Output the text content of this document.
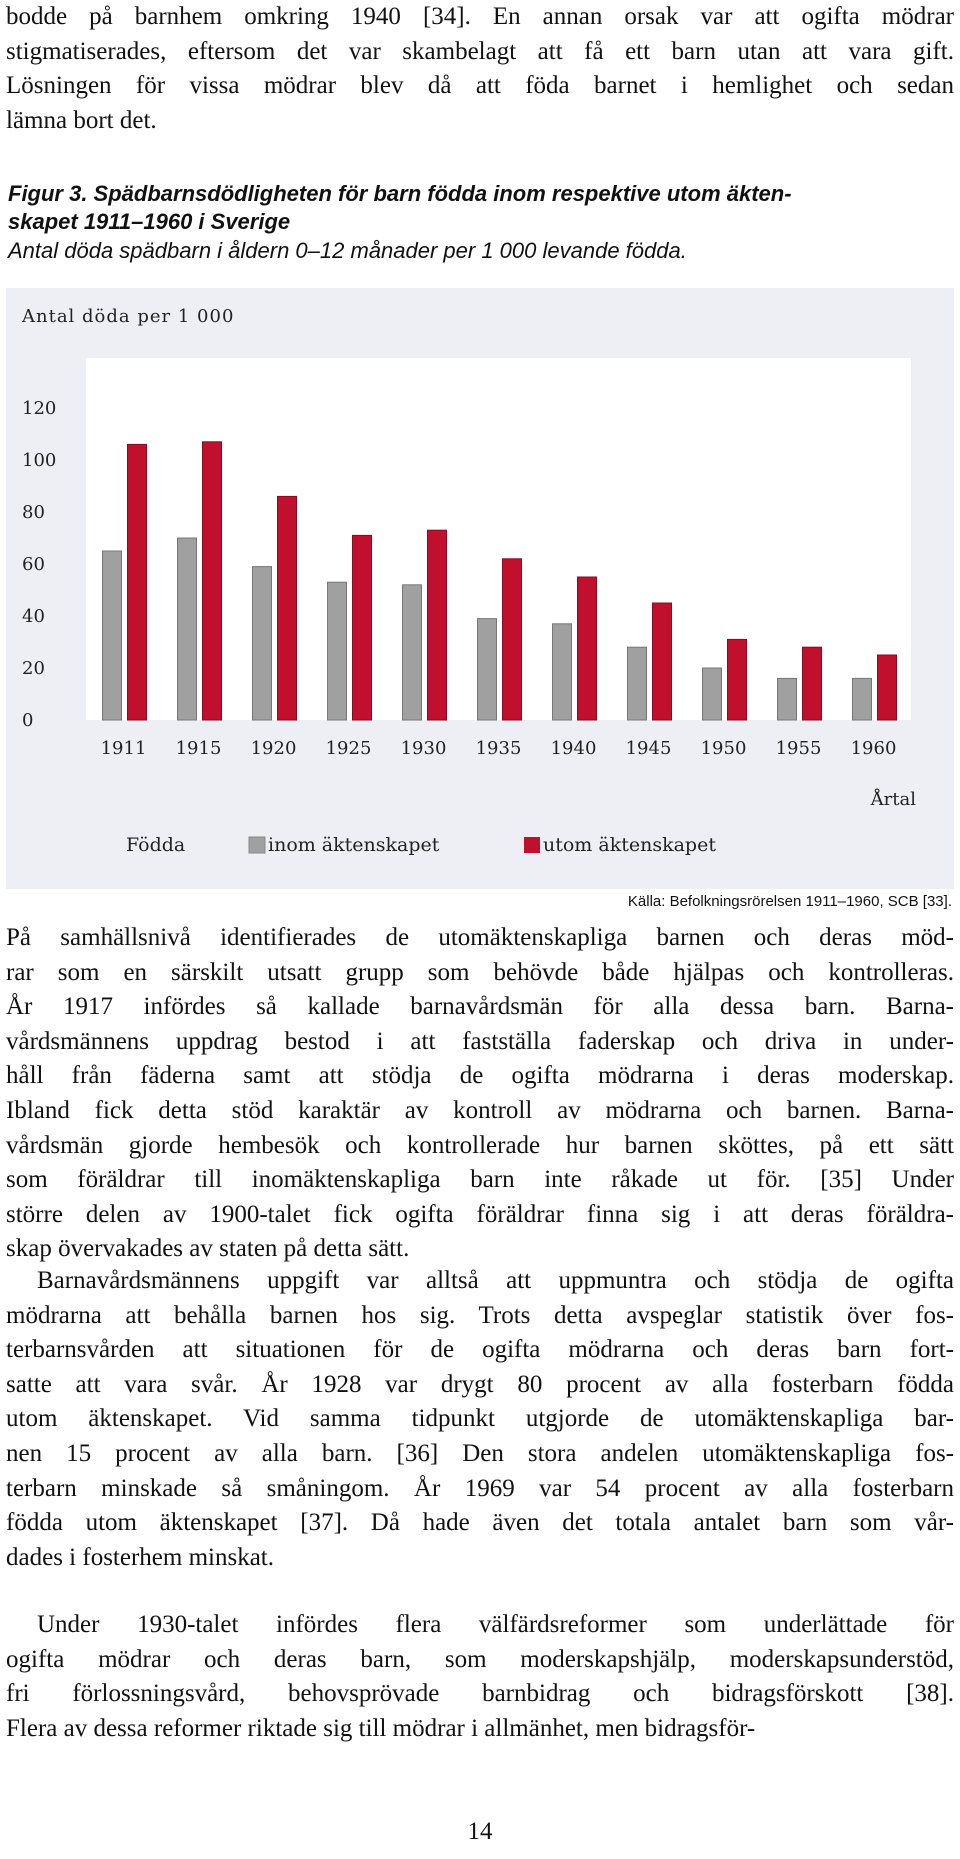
bodde på barnhem omkring 1940 [34]. En annan orsak var att ogifta mödrar
stigmatiserades, eftersom det var skambelagt att få ett barn utan att vara gift.
Lösningen för vissa mödrar blev då att föda barnet i hemlighet och sedan
lämna bort det.

Figur 3. Spädbarnsdödligheten för barn födda inom respektive utom äkten-
skapet 1911–1960 i Sverige

Antal döda spädbarn i åldern 0–12 månader per 1 000 levande födda.

Antal döda per 1 000
Årtal
Födda	inom äktenskapet	utom äktenskapet
0
20
40
60
80
100
120
1911 1915 1920 1925 1930 1935 1940 1945 1950 1955 1960

Källa: Befolkningsrörelsen 1911–1960, SCB [33].

På samhällsnivå identifierades de utomäktenskapliga barnen och deras möd-
rar som en särskilt utsatt grupp som behövde både hjälpas och kontrolleras.
År 1917 infördes så kallade barnavårdsmän för alla dessa barn. Barna-
vårdsmännens uppdrag bestod i att fastställa faderskap och driva in under-
håll från fäderna samt att stödja de ogifta mödrarna i deras moderskap.
Ibland fick detta stöd karaktär av kontroll av mödrarna och barnen. Barna-
vårdsmän gjorde hembesök och kontrollerade hur barnen sköttes, på ett sätt
som föräldrar till inomäktenskapliga barn inte råkade ut för. [35] Under
större delen av 1900-talet fick ogifta föräldrar finna sig i att deras föräldra-
skap övervakades av staten på detta sätt.
Barnavårdsmännens uppgift var alltså att uppmuntra och stödja de ogifta
mödrarna att behålla barnen hos sig. Trots detta avspeglar statistik över fos-
terbarnsvården att situationen för de ogifta mödrarna och deras barn fort-
satte att vara svår. År 1928 var drygt 80 procent av alla fosterbarn födda
utom äktenskapet. Vid samma tidpunkt utgjorde de utomäktenskapliga bar-
nen 15 procent av alla barn. [36] Den stora andelen utomäktenskapliga fos-
terbarn minskade så småningom. År 1969 var 54 procent av alla fosterbarn
födda utom äktenskapet [37]. Då hade även det totala antalet barn som vår-
dades i fosterhem minskat.
Under 1930-talet infördes flera välfärdsreformer som underlättade för
ogifta mödrar och deras barn, som moderskapshjälp, moderskapsunderstöd,
fri förlossningsvård, behovsprövade barnbidrag och bidragsförskott [38].
Flera av dessa reformer riktade sig till mödrar i allmänhet, men bidragsför-

14
